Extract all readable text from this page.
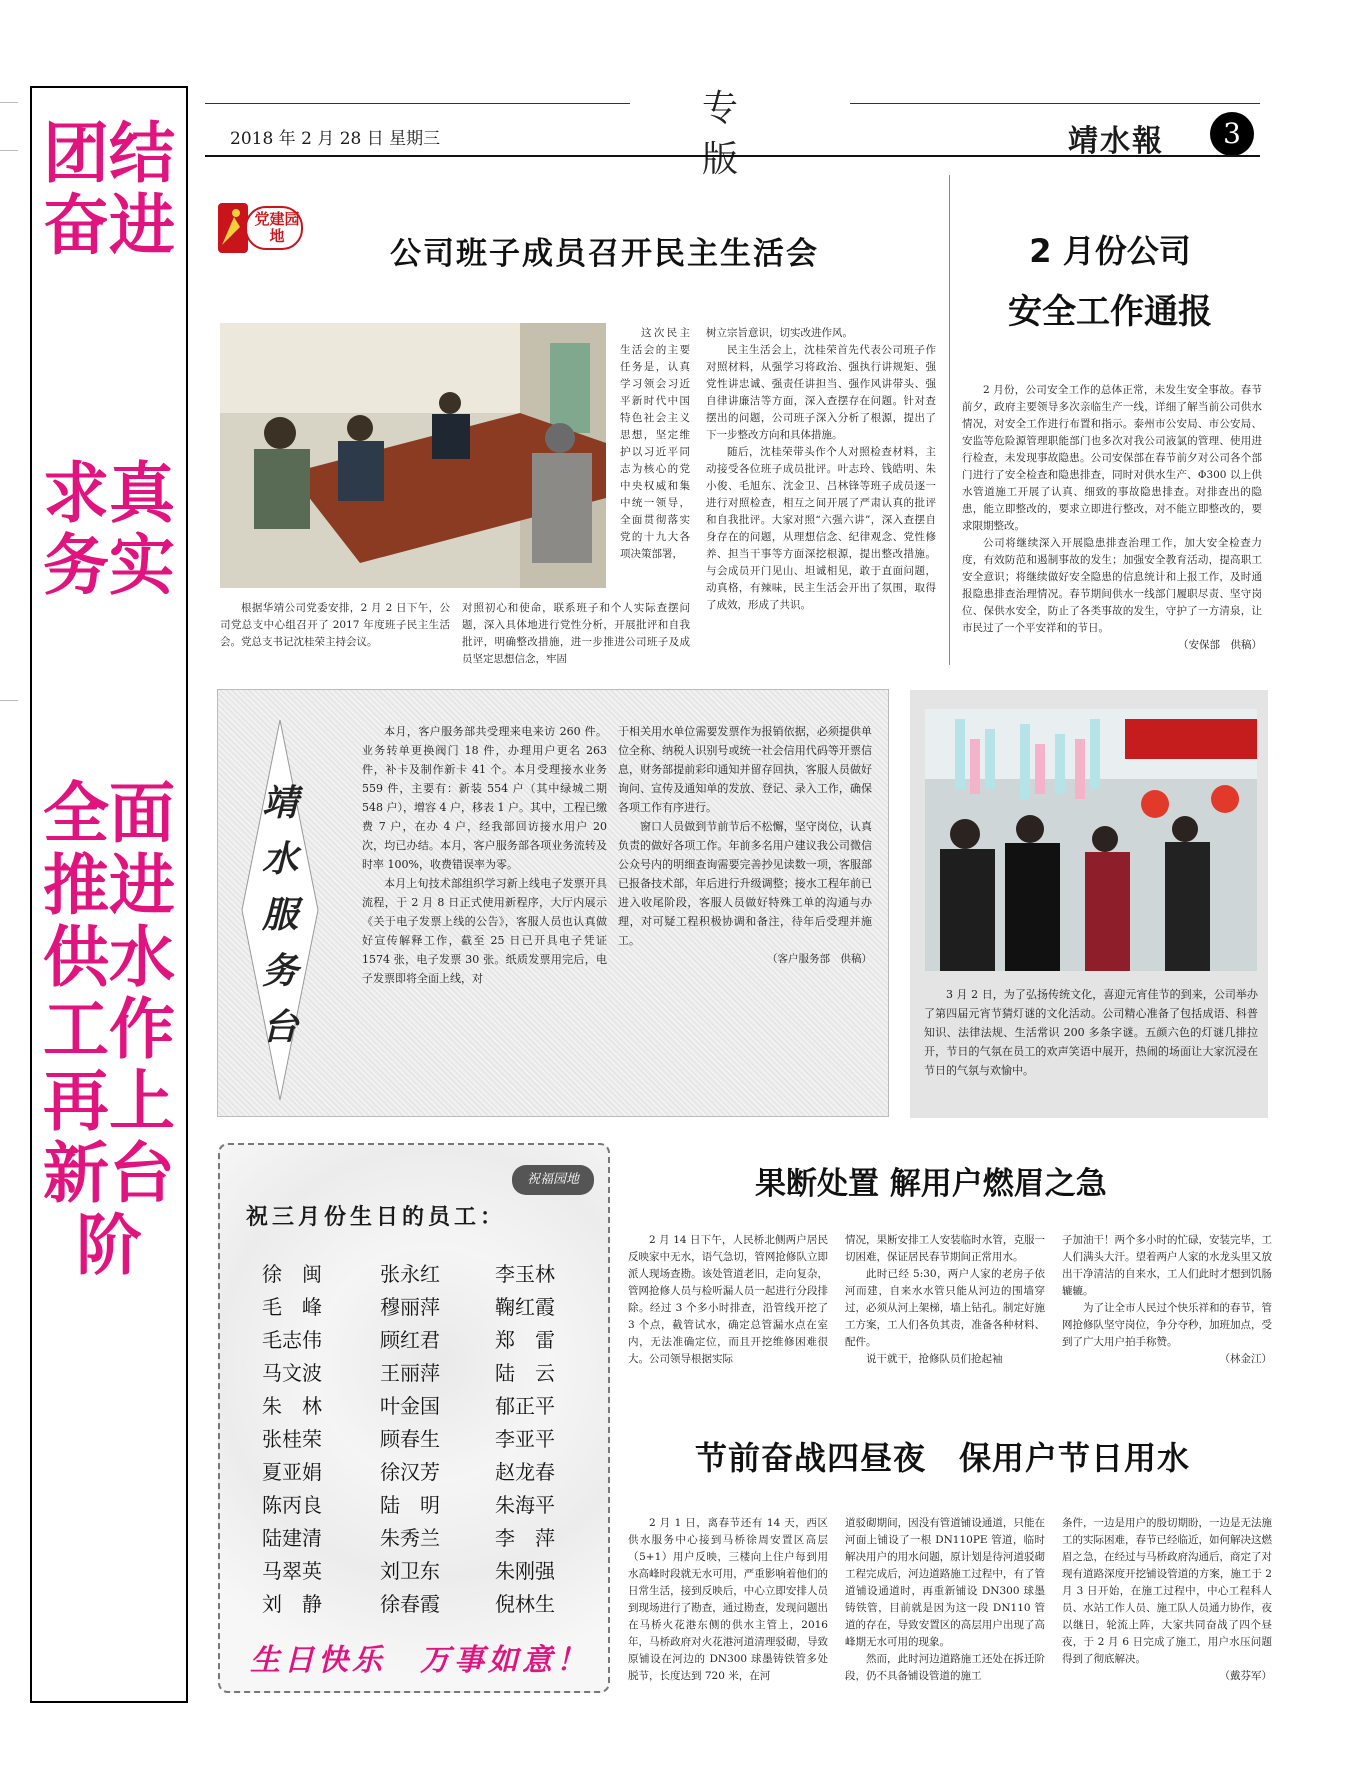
团结奋进
求真务实
全面推进供水工作再上新台阶
专 版
2018 年 2 月 28 日 星期三	靖水報	3
党建园地	公司班子成员召开民主生活会

这次民主生活会的主要任务是，认真学习领会习近平新时代中国特色社会主义思想，坚定维护以习近平同志为核心的党中央权威和集中统一领导，全面贯彻落实党的十九大各项决策部署，

根据华靖公司党委安排，2 月 2 日下午，公司党总支中心组召开了 2017 年度班子民主生活会。党总支书记沈桂荣主持会议。

对照初心和使命，联系班子和个人实际查摆问题，深入具体地进行党性分析，开展批评和自我批评，明确整改措施，进一步推进公司班子及成员坚定思想信念，牢固

树立宗旨意识，切实改进作风。

民主生活会上，沈桂荣首先代表公司班子作对照材料，从强学习将政治、强执行讲规矩、强党性讲忠诚、强责任讲担当、强作风讲带头、强自律讲廉洁等方面，深入查摆存在问题。针对查摆出的问题，公司班子深入分析了根源，提出了下一步整改方向和具体措施。

随后，沈桂荣带头作个人对照检查材料，主动接受各位班子成员批评。叶志玲、钱皓明、朱小俊、毛旭东、沈金卫、吕林锋等班子成员逐一进行对照检查，相互之间开展了严肃认真的批评和自我批评。大家对照“六强六讲”，深入查摆自身存在的问题，从理想信念、纪律观念、党性修养、担当干事等方面深挖根源，提出整改措施。与会成员开门见山、坦诚相见，敢于直面问题，动真格，有辣味，民主生活会开出了氛围，取得了成效，形成了共识。

2 月份公司
安全工作通报

2 月份，公司安全工作的总体正常，未发生安全事故。春节前夕，政府主要领导多次亲临生产一线，详细了解当前公司供水情况，对安全工作进行布置和指示。泰州市公安局、市公安局、安监等危险源管理职能部门也多次对我公司液氯的管理、使用进行检查，未发现事故隐患。公司安保部在春节前夕对公司各个部门进行了安全检查和隐患排查，同时对供水生产、Φ300 以上供水管道施工开展了认真、细致的事故隐患排查。对排查出的隐患，能立即整改的，要求立即进行整改，对不能立即整改的，要求限期整改。

公司将继续深入开展隐患排查治理工作，加大安全检查力度，有效防范和遏制事故的发生；加强安全教育活动，提高职工安全意识；将继续做好安全隐患的信息统计和上报工作，及时通报隐患排查治理情况。春节期间供水一线部门履职尽责、坚守岗位、保供水安全，防止了各类事故的发生，守护了一方清泉，让市民过了一个平安祥和的节日。

（安保部　供稿）
靖水服务台

本月，客户服务部共受理来电来访 260 件。业务转单更换阀门 18 件，办理用户更名 263 件，补卡及制作新卡 41 个。本月受理接水业务 559 件，主要有：新装 554 户（其中绿城二期 548 户），增容 4 户，移表 1 户。其中，工程已缴费 7 户，在办 4 户，经我部回访接水用户 20 次，均已办结。本月，客户服务部各项业务流转及时率 100%，收费错误率为零。

本月上旬技术部组织学习新上线电子发票开具流程，于 2 月 8 日正式使用新程序，大厅内展示《关于电子发票上线的公告》，客服人员也认真做好宣传解释工作，截至 25 日已开具电子凭证 1574 张，电子发票 30 张。纸质发票用完后，电子发票即将全面上线，对

于相关用水单位需要发票作为报销依据，必须提供单位全称、纳税人识别号或统一社会信用代码等开票信息，财务部提前彩印通知并留存回执，客服人员做好询问、宣传及通知单的发放、登记、录入工作，确保各项工作有序进行。

窗口人员做到节前节后不松懈，坚守岗位，认真负责的做好各项工作。年前多名用户建议我公司微信公众号内的明细查询需要完善抄见读数一项，客服部已报备技术部，年后进行升级调整；接水工程年前已进入收尾阶段，客服人员做好特殊工单的沟通与办理，对可疑工程积极协调和备注，待年后受理并施工。

（客户服务部　供稿）

3 月 2 日，为了弘扬传统文化，喜迎元宵佳节的到来，公司举办了第四届元宵节猜灯谜的文化活动。公司精心准备了包括成语、科普知识、法律法规、生活常识 200 多条字谜。五颜六色的灯谜几排拉开，节日的气氛在员工的欢声笑语中展开，热闹的场面让大家沉浸在节日的气氛与欢愉中。

祝福园地
祝三月份生日的员工：
徐　闽	张永红	李玉林
毛　峰	穆丽萍	鞠红霞
毛志伟	顾红君	郑　雷
马文波	王丽萍	陆　云
朱　林	叶金国	郁正平
张桂荣	顾春生	李亚平
夏亚娟	徐汉芳	赵龙春
陈丙良	陆　明	朱海平
陆建清	朱秀兰	李　萍
马翠英	刘卫东	朱刚强
刘　静	徐春霞	倪林生
生日快乐　万事如意！
果断处置 解用户燃眉之急

2 月 14 日下午，人民桥北侧两户居民反映家中无水，语气急切，管网抢修队立即派人现场查勘。该处管道老旧，走向复杂，管网抢修人员与检听漏人员一起进行分段排除。经过 3 个多小时排查，沿管线开挖了 3 个点，截管试水，确定总管漏水点在室内，无法准确定位，而且开挖维修困难很大。公司领导根据实际

情况，果断安排工人安装临时水管，克服一切困难，保证居民春节期间正常用水。

此时已经 5:30，两户人家的老房子依河而建，自来水水管只能从河边的围墙穿过，必须从河上架梯，墙上钻孔。制定好施工方案，工人们各负其责，准备各种材料、配件。

说干就干，抢修队员们抢起袖

子加油干！两个多小时的忙碌，安装完毕，工人们满头大汗。望着两户人家的水龙头里又放出干净清洁的自来水，工人们此时才想到饥肠辘辘。

为了让全市人民过个快乐祥和的春节，管网抢修队坚守岗位，争分夺秒，加班加点，受到了广大用户拍手称赞。

（林金江）
节前奋战四昼夜　保用户节日用水

2 月 1 日，离春节还有 14 天，西区供水服务中心接到马桥徐周安置区高层（5+1）用户反映，三楼向上住户每到用水高峰时段就无水可用，严重影响着他们的日常生活，接到反映后，中心立即安排人员到现场进行了勘查，通过勘查，发现问题出在马桥火花港东侧的供水主管上，2016 年，马桥政府对火花港河道清理驳砌，导致原铺设在河边的 DN300 球墨铸铁管多处脱节，长度达到 720 米，在河

道驳砌期间，因没有管道铺设通道，只能在河面上铺设了一根 DN110PE 管道，临时解决用户的用水问题，原计划是待河道驳砌工程完成后，河边道路施工过程中，有了管道铺设通道时，再重新铺设 DN300 球墨铸铁管，目前就是因为这一段 DN110 管道的存在，导致安置区的高层用户出现了高峰期无水可用的现象。

然而，此时河边道路施工还处在拆迁阶段，仍不具备铺设管道的施工

条件，一边是用户的殷切期盼，一边是无法施工的实际困难，春节已经临近，如何解决这燃眉之急，在经过与马桥政府沟通后，商定了对现有道路深度开挖铺设管道的方案，施工于 2 月 3 日开始，在施工过程中，中心工程科人员、水站工作人员、施工队人员通力协作，夜以继日，轮流上阵，大家共同奋战了四个昼夜，于 2 月 6 日完成了施工，用户水压问题得到了彻底解决。

（戴芬军）
